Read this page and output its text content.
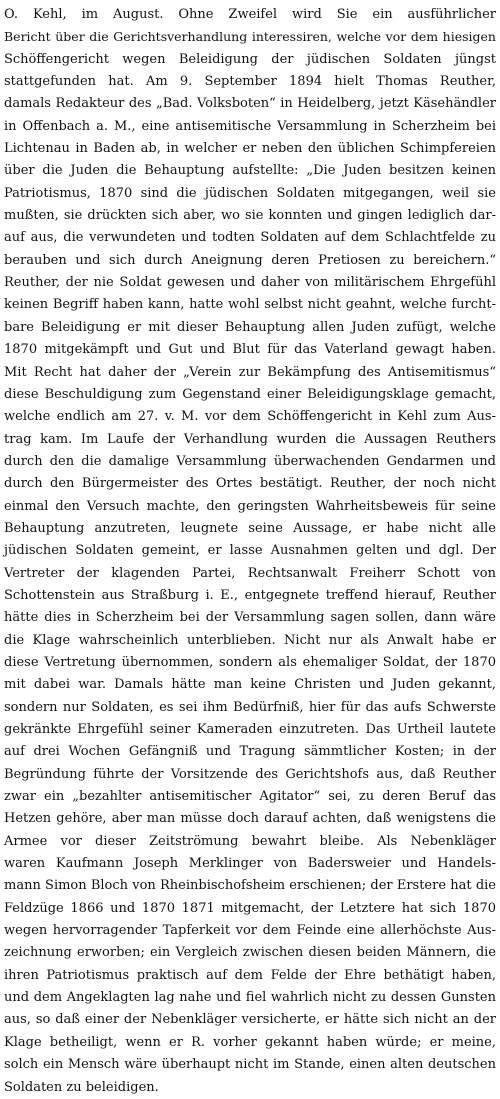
O. Kehl, im August. Ohne Zweifel wird Sie ein ausführlicher
Bericht über die Gerichtsverhandlung interessiren, welche vor dem hiesigen
Schöffengericht wegen Beleidigung der jüdischen Soldaten jüngst
stattgefunden hat. Am 9. September 1894 hielt Thomas Reuther,
damals Redakteur des „Bad. Volksboten“ in Heidelberg, jetzt Käsehändler
in Offenbach a. M., eine antisemitische Versammlung in Scherzheim bei
Lichtenau in Baden ab, in welcher er neben den üblichen Schimpfereien
über die Juden die Behauptung aufstellte: „Die Juden besitzen keinen
Patriotismus, 1870 sind die jüdischen Soldaten mitgegangen, weil sie
mußten, sie drückten sich aber, wo sie konnten und gingen lediglich dar-
auf aus, die verwundeten und todten Soldaten auf dem Schlachtfelde zu
berauben und sich durch Aneignung deren Pretiosen zu bereichern.“
Reuther, der nie Soldat gewesen und daher von militärischem Ehrgefühl
keinen Begriff haben kann, hatte wohl selbst nicht geahnt, welche furcht-
bare Beleidigung er mit dieser Behauptung allen Juden zufügt, welche
1870 mitgekämpft und Gut und Blut für das Vaterland gewagt haben.
Mit Recht hat daher der „Verein zur Bekämpfung des Antisemitismus“
diese Beschuldigung zum Gegenstand einer Beleidigungsklage gemacht,
welche endlich am 27. v. M. vor dem Schöffengericht in Kehl zum Aus-
trag kam. Im Laufe der Verhandlung wurden die Aussagen Reuthers
durch den die damalige Versammlung überwachenden Gendarmen und
durch den Bürgermeister des Ortes bestätigt. Reuther, der noch nicht
einmal den Versuch machte, den geringsten Wahrheitsbeweis für seine
Behauptung anzutreten, leugnete seine Aussage, er habe nicht alle
jüdischen Soldaten gemeint, er lasse Ausnahmen gelten und dgl. Der
Vertreter der klagenden Partei, Rechtsanwalt Freiherr Schott von
Schottenstein aus Straßburg i. E., entgegnete treffend hierauf, Reuther
hätte dies in Scherzheim bei der Versammlung sagen sollen, dann wäre
die Klage wahrscheinlich unterblieben. Nicht nur als Anwalt habe er
diese Vertretung übernommen, sondern als ehemaliger Soldat, der 1870
mit dabei war. Damals hätte man keine Christen und Juden gekannt,
sondern nur Soldaten, es sei ihm Bedürfniß, hier für das aufs Schwerste
gekränkte Ehrgefühl seiner Kameraden einzutreten. Das Urtheil lautete
auf drei Wochen Gefängniß und Tragung sämmtlicher Kosten; in der
Begründung führte der Vorsitzende des Gerichtshofs aus, daß Reuther
zwar ein „bezahlter antisemitischer Agitator“ sei, zu deren Beruf das
Hetzen gehöre, aber man müsse doch darauf achten, daß wenigstens die
Armee vor dieser Zeitströmung bewahrt bleibe. Als Nebenkläger
waren Kaufmann Joseph Merklinger von Badersweier und Handels-
mann Simon Bloch von Rheinbischofsheim erschienen; der Erstere hat die
Feldzüge 1866 und 1870 1871 mitgemacht, der Letztere hat sich 1870
wegen hervorragender Tapferkeit vor dem Feinde eine allerhöchste Aus-
zeichnung erworben; ein Vergleich zwischen diesen beiden Männern, die
ihren Patriotismus praktisch auf dem Felde der Ehre bethätigt haben,
und dem Angeklagten lag nahe und fiel wahrlich nicht zu dessen Gunsten
aus, so daß einer der Nebenkläger versicherte, er hätte sich nicht an der
Klage betheiligt, wenn er R. vorher gekannt haben würde; er meine,
solch ein Mensch wäre überhaupt nicht im Stande, einen alten deutschen
Soldaten zu beleidigen.
